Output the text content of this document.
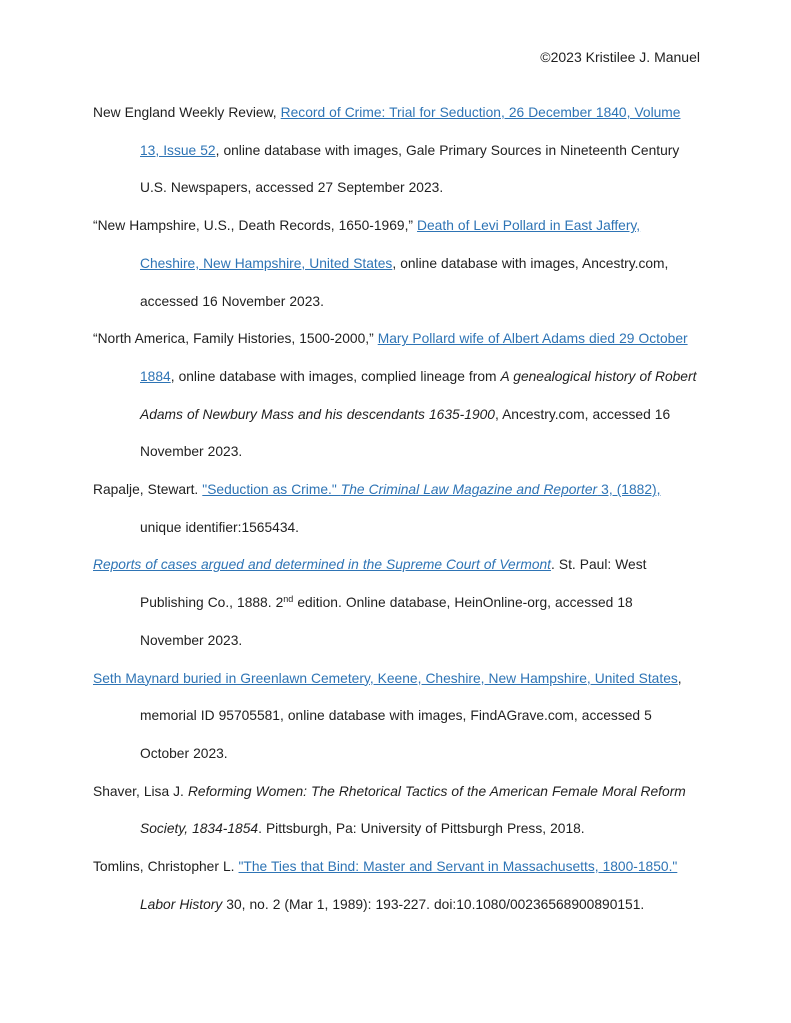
©2023 Kristilee J. Manuel

New England Weekly Review, Record of Crime: Trial for Seduction, 26 December 1840, Volume 13, Issue 52, online database with images, Gale Primary Sources in Nineteenth Century U.S. Newspapers, accessed 27 September 2023.

“New Hampshire, U.S., Death Records, 1650-1969,” Death of Levi Pollard in East Jaffery, Cheshire, New Hampshire, United States, online database with images, Ancestry.com, accessed 16 November 2023.

“North America, Family Histories, 1500-2000,” Mary Pollard wife of Albert Adams died 29 October 1884, online database with images, complied lineage from A genealogical history of Robert Adams of Newbury Mass and his descendants 1635-1900, Ancestry.com, accessed 16 November 2023.

Rapalje, Stewart. "Seduction as Crime." The Criminal Law Magazine and Reporter 3, (1882), unique identifier:1565434.

Reports of cases argued and determined in the Supreme Court of Vermont. St. Paul: West Publishing Co., 1888. 2nd edition. Online database, HeinOnline-org, accessed 18 November 2023.

Seth Maynard buried in Greenlawn Cemetery, Keene, Cheshire, New Hampshire, United States, memorial ID 95705581, online database with images, FindAGrave.com, accessed 5 October 2023.

Shaver, Lisa J. Reforming Women: The Rhetorical Tactics of the American Female Moral Reform Society, 1834-1854. Pittsburgh, Pa: University of Pittsburgh Press, 2018.

Tomlins, Christopher L. "The Ties that Bind: Master and Servant in Massachusetts, 1800-1850." Labor History 30, no. 2 (Mar 1, 1989): 193-227. doi:10.1080/00236568900890151.
